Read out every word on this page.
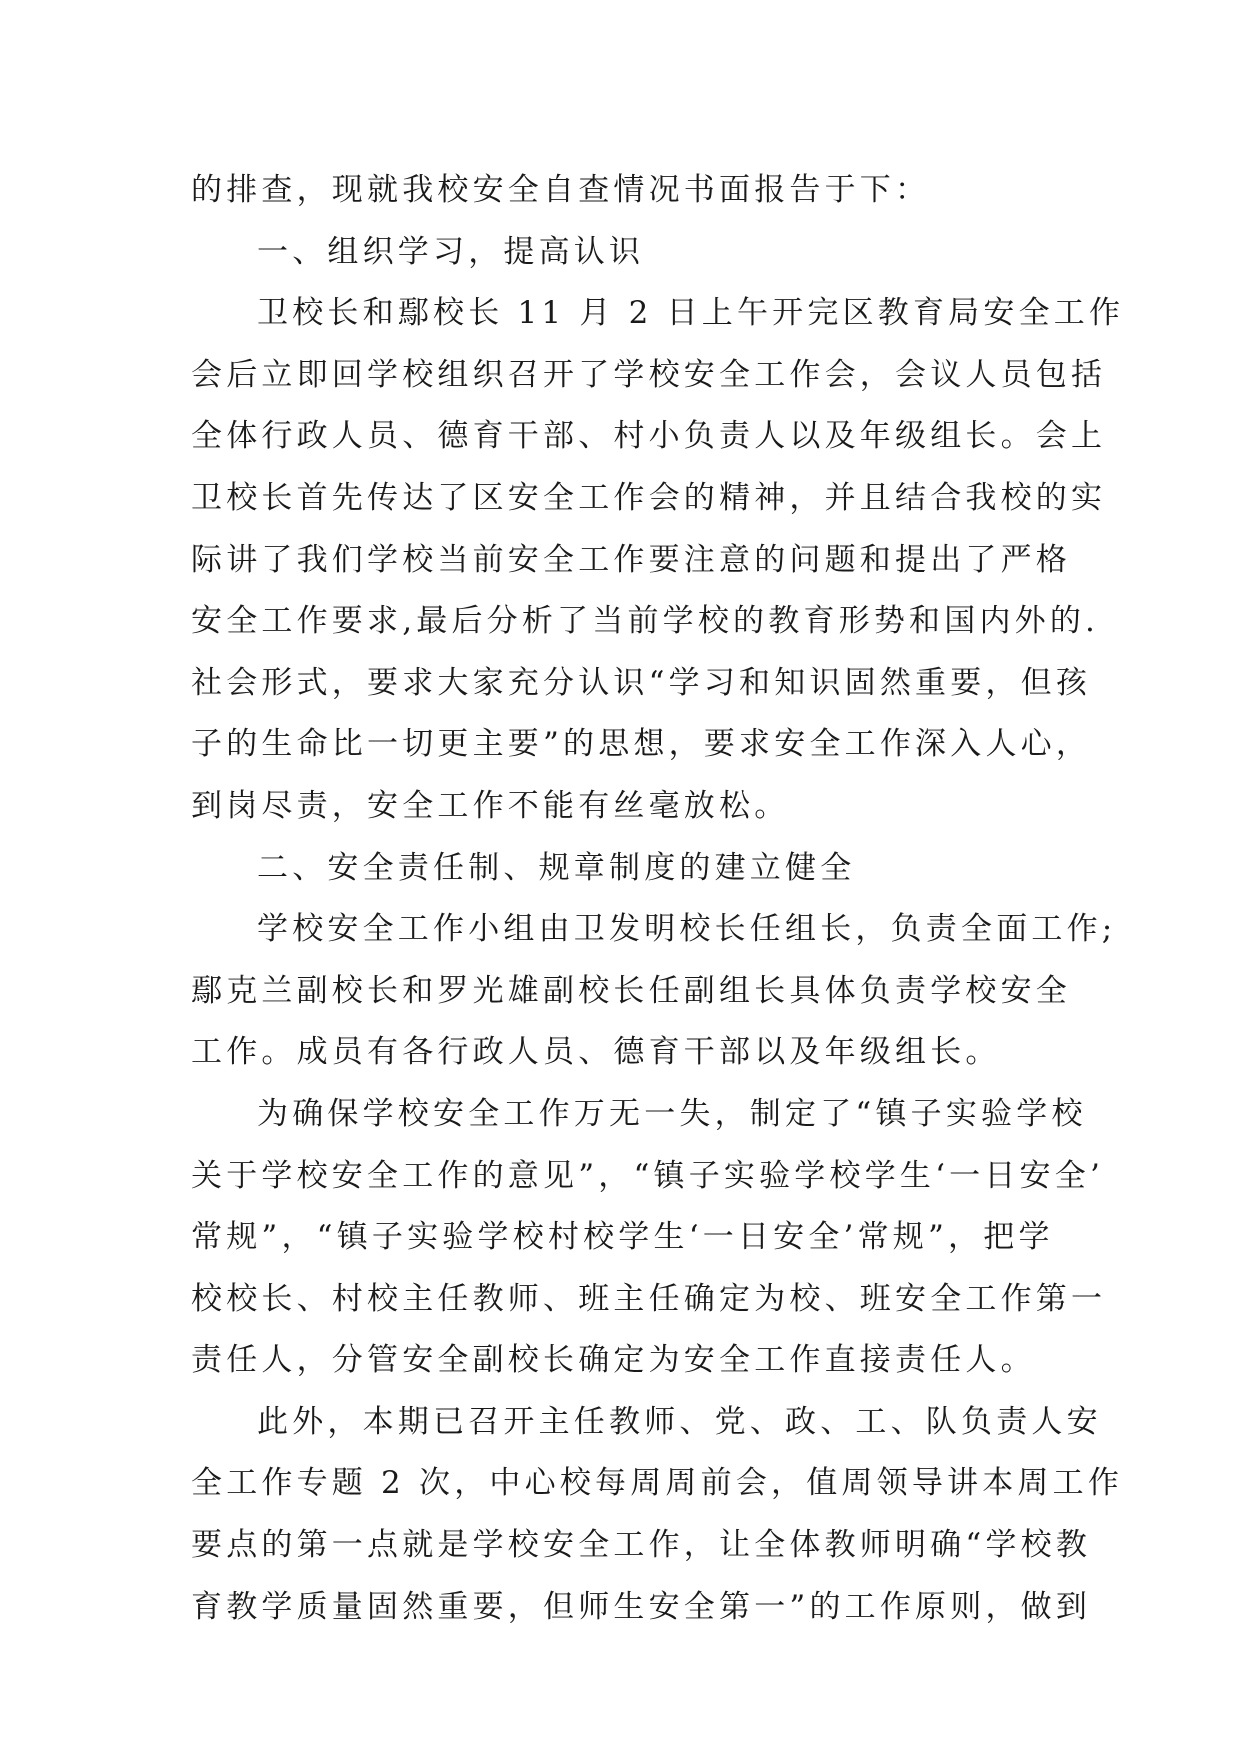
的排查，现就我校安全自查情况书面报告于下：
一、组织学习，提高认识
卫校长和鄢校长 11 月 2 日上午开完区教育局安全工作
会后立即回学校组织召开了学校安全工作会，会议人员包括
全体行政人员、德育干部、村小负责人以及年级组长。会上
卫校长首先传达了区安全工作会的精神，并且结合我校的实
际讲了我们学校当前安全工作要注意的问题和提出了严格
安全工作要求,最后分析了当前学校的教育形势和国内外的.
社会形式，要求大家充分认识“学习和知识固然重要，但孩
子的生命比一切更主要”的思想，要求安全工作深入人心，
到岗尽责，安全工作不能有丝毫放松。
二、安全责任制、规章制度的建立健全
学校安全工作小组由卫发明校长任组长，负责全面工作;
鄢克兰副校长和罗光雄副校长任副组长具体负责学校安全
工作。成员有各行政人员、德育干部以及年级组长。
为确保学校安全工作万无一失，制定了“镇子实验学校
关于学校安全工作的意见”，“镇子实验学校学生‘一日安全’
常规”，“镇子实验学校村校学生‘一日安全’常规”，把学
校校长、村校主任教师、班主任确定为校、班安全工作第一
责任人，分管安全副校长确定为安全工作直接责任人。
此外，本期已召开主任教师、党、政、工、队负责人安
全工作专题 2 次，中心校每周周前会，值周领导讲本周工作
要点的第一点就是学校安全工作，让全体教师明确“学校教
育教学质量固然重要，但师生安全第一”的工作原则，做到
